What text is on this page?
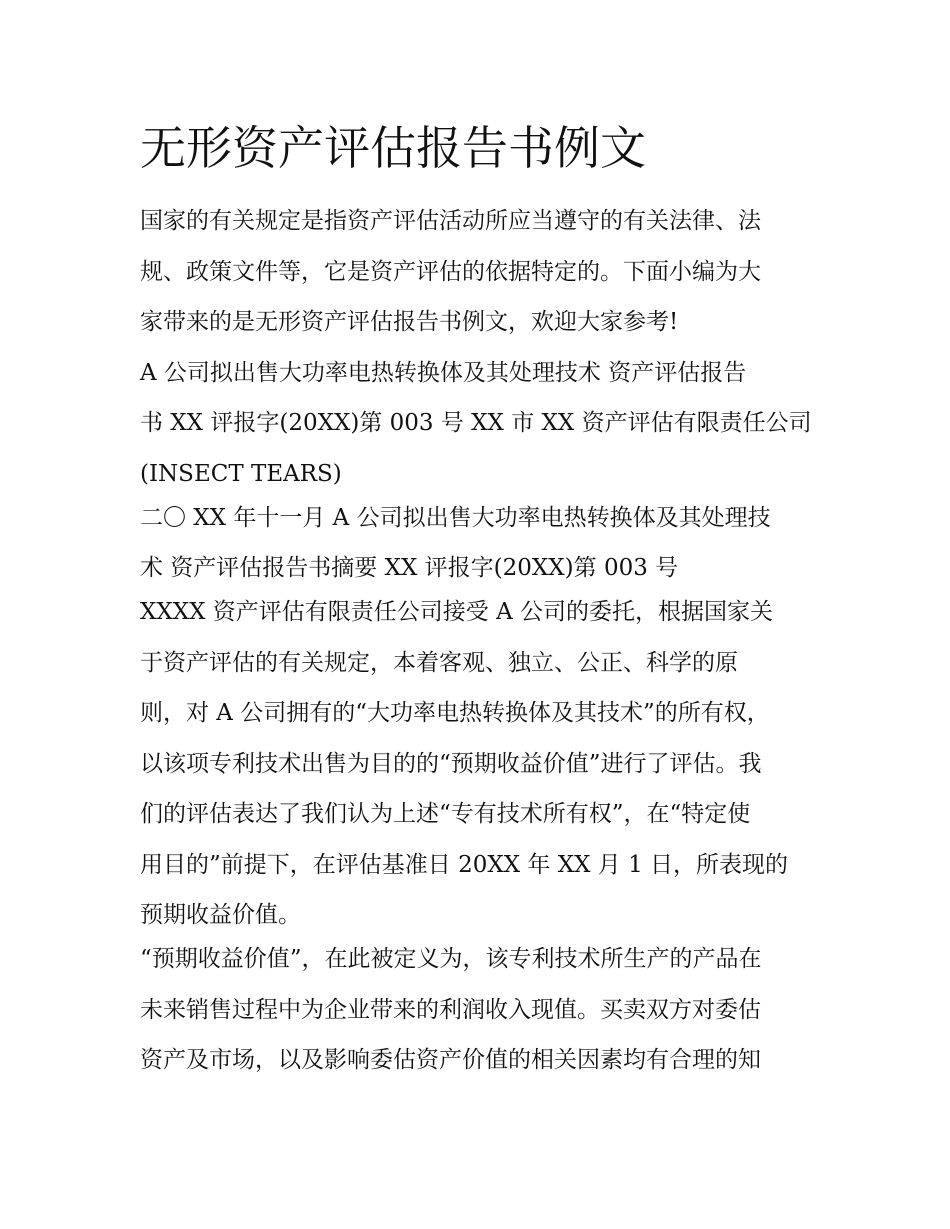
无形资产评估报告书例文

国家的有关规定是指资产评估活动所应当遵守的有关法律、法
规、政策文件等，它是资产评估的依据特定的。下面小编为大
家带来的是无形资产评估报告书例文，欢迎大家参考!

A 公司拟出售大功率电热转换体及其处理技术 资产评估报告
书 XX 评报字(20XX)第 003 号 XX 市 XX 资产评估有限责任公司
(INSECT TEARS)

二〇 XX 年十一月 A 公司拟出售大功率电热转换体及其处理技
术 资产评估报告书摘要 XX 评报字(20XX)第 003 号

XXXX 资产评估有限责任公司接受 A 公司的委托，根据国家关
于资产评估的有关规定，本着客观、独立、公正、科学的原
则，对 A 公司拥有的“大功率电热转换体及其技术”的所有权，
以该项专利技术出售为目的的“预期收益价值”进行了评估。我
们的评估表达了我们认为上述“专有技术所有权”，在“特定使
用目的”前提下，在评估基准日 20XX 年 XX 月 1 日，所表现的
预期收益价值。

“预期收益价值”，在此被定义为，该专利技术所生产的产品在
未来销售过程中为企业带来的利润收入现值。买卖双方对委估
资产及市场，以及影响委估资产价值的相关因素均有合理的知
